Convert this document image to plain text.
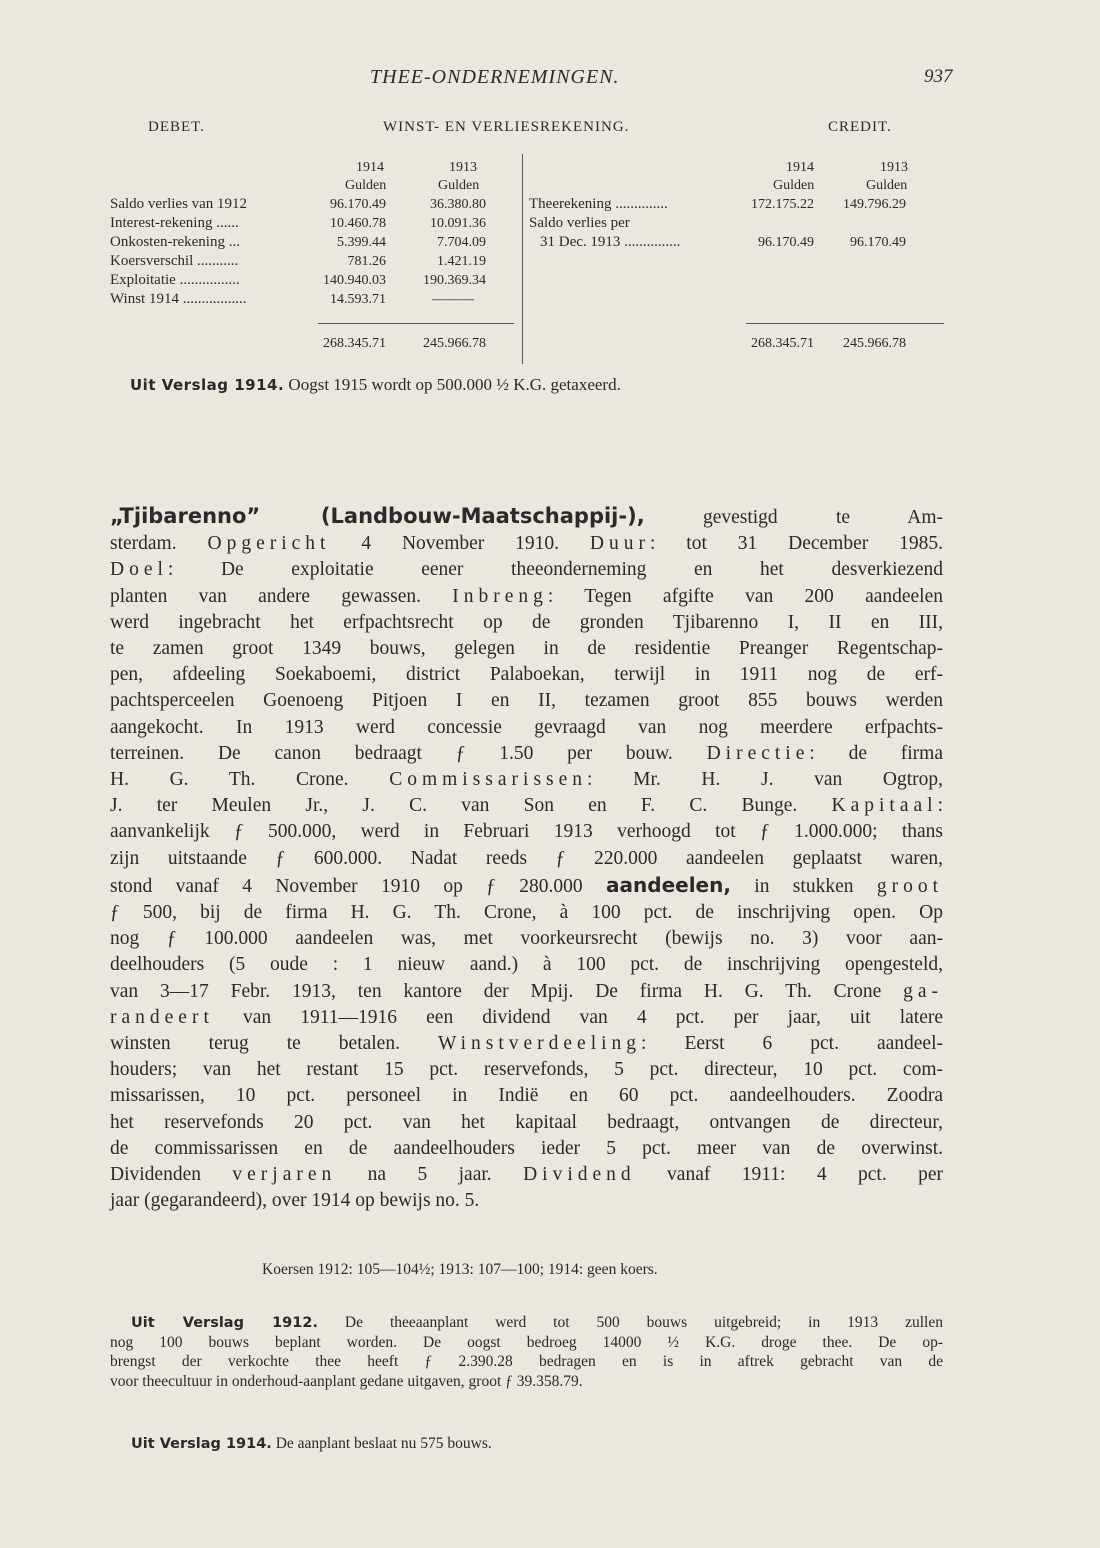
THEE-ONDERNEMINGEN.	937
DEBET.	WINST- EN VERLIESREKENING.	CREDIT.
1914	1913
Gulden	Gulden
1914	1913
Gulden	Gulden
Saldo verlies van 1912	96.170.49	36.380.80
Interest-rekening ......	10.460.78	10.091.36
Onkosten-rekening ...	5.399.44	7.704.09
Koersverschil ...........	781.26	1.421.19
Exploitatie ................	140.940.03	190.369.34
Winst 1914 .................	14.593.71	———
Theerekening ..............	172.175.22	149.796.29
Saldo verlies per
31 Dec. 1913 ...............	96.170.49	96.170.49
268.345.71	245.966.78	268.345.71	245.966.78
Uit Verslag 1914. Oogst 1915 wordt op 500.000 ½ K.G. getaxeerd.
„Tjibarenno” (Landbouw-Maatschappij-), gevestigd te Am-
sterdam. Opgericht 4 November 1910. Duur: tot 31 December 1985.
Doel: De exploitatie eener theeonderneming en het desverkiezend
planten van andere gewassen. Inbreng: Tegen afgifte van 200 aandeelen
werd ingebracht het erfpachtsrecht op de gronden Tjibarenno I, II en III,
te zamen groot 1349 bouws, gelegen in de residentie Preanger Regentschap-
pen, afdeeling Soekaboemi, district Palaboekan, terwijl in 1911 nog de erf-
pachtsperceelen Goenoeng Pitjoen I en II, tezamen groot 855 bouws werden
aangekocht. In 1913 werd concessie gevraagd van nog meerdere erfpachts-
terreinen. De canon bedraagt ƒ 1.50 per bouw. Directie: de firma
H. G. Th. Crone. Commissarissen: Mr. H. J. van Ogtrop,
J. ter Meulen Jr., J. C. van Son en F. C. Bunge. Kapitaal:
aanvankelijk ƒ 500.000, werd in Februari 1913 verhoogd tot ƒ 1.000.000; thans
zijn uitstaande ƒ 600.000. Nadat reeds ƒ 220.000 aandeelen geplaatst waren,
stond vanaf 4 November 1910 op ƒ 280.000 aandeelen, in stukken groot
ƒ 500, bij de firma H. G. Th. Crone, à 100 pct. de inschrijving open. Op
nog ƒ 100.000 aandeelen was, met voorkeursrecht (bewijs no. 3) voor aan-
deelhouders (5 oude : 1 nieuw aand.) à 100 pct. de inschrijving opengesteld,
van 3—17 Febr. 1913, ten kantore der Mpij. De firma H. G. Th. Crone ga-
randeert van 1911—1916 een dividend van 4 pct. per jaar, uit latere
winsten terug te betalen. Winstverdeeling: Eerst 6 pct. aandeel-
houders; van het restant 15 pct. reservefonds, 5 pct. directeur, 10 pct. com-
missarissen, 10 pct. personeel in Indië en 60 pct. aandeelhouders. Zoodra
het reservefonds 20 pct. van het kapitaal bedraagt, ontvangen de directeur,
de commissarissen en de aandeelhouders ieder 5 pct. meer van de overwinst.
Dividenden verjaren na 5 jaar. Dividend vanaf 1911: 4 pct. per
jaar (gegarandeerd), over 1914 op bewijs no. 5.
Koersen 1912: 105—104½; 1913: 107—100; 1914: geen koers.
Uit Verslag 1912. De theeaanplant werd tot 500 bouws uitgebreid; in 1913 zullen
nog 100 bouws beplant worden. De oogst bedroeg 14000 ½ K.G. droge thee. De op-
brengst der verkochte thee heeft ƒ 2.390.28 bedragen en is in aftrek gebracht van de
voor theecultuur in onderhoud-aanplant gedane uitgaven, groot ƒ 39.358.79.
Uit Verslag 1914. De aanplant beslaat nu 575 bouws.
